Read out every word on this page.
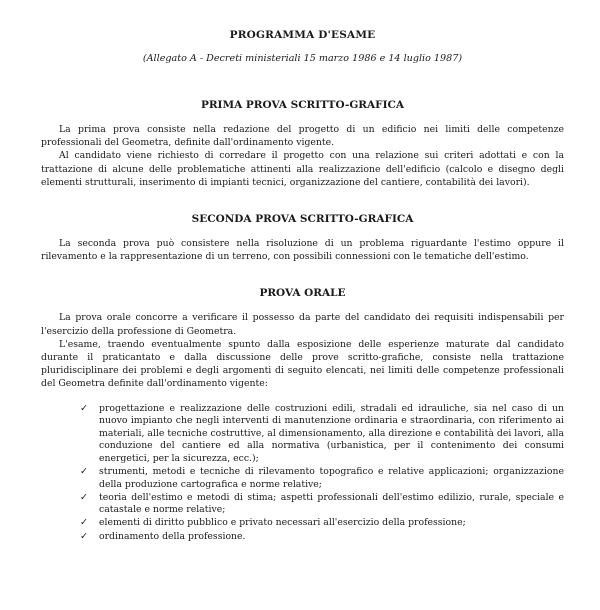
PROGRAMMA D'ESAME
(Allegato A - Decreti ministeriali 15 marzo 1986 e 14 luglio 1987)
PRIMA PROVA SCRITTO-GRAFICA

La prima prova consiste nella redazione del progetto di un edificio nei limiti delle competenze professionali del Geometra, definite dall'ordinamento vigente.

Al candidato viene richiesto di corredare il progetto con una relazione sui criteri adottati e con la trattazione di alcune delle problematiche attinenti alla realizzazione dell'edificio (calcolo e disegno degli elementi strutturali, inserimento di impianti tecnici, organizzazione del cantiere, contabilità dei lavori).

SECONDA PROVA SCRITTO-GRAFICA

La seconda prova può consistere nella risoluzione di un problema riguardante l'estimo oppure il rilevamento e la rappresentazione di un terreno, con possibili connessioni con le tematiche dell'estimo.

PROVA ORALE

La prova orale concorre a verificare il possesso da parte del candidato dei requisiti indispensabili per l'esercizio della professione di Geometra.

L'esame, traendo eventualmente spunto dalla esposizione delle esperienze maturate dal candidato durante il praticantato e dalla discussione delle prove scritto-grafiche, consiste nella trattazione pluridisciplinare dei problemi e degli argomenti di seguito elencati, nei limiti delle competenze professionali del Geometra definite dall'ordinamento vigente:

✓ progettazione e realizzazione delle costruzioni edili, stradali ed idrauliche, sia nel caso di un nuovo impianto che negli interventi di manutenzione ordinaria e straordinaria, con riferimento ai materiali, alle tecniche costruttive, al dimensionamento, alla direzione e contabilità dei lavori, alla conduzione del cantiere ed alla normativa (urbanistica, per il contenimento dei consumi energetici, per la sicurezza, ecc.);
✓ strumenti, metodi e tecniche di rilevamento topografico e relative applicazioni; organizzazione della produzione cartografica e norme relative;
✓ teoria dell'estimo e metodi di stima; aspetti professionali dell'estimo edilizio, rurale, speciale e catastale e norme relative;
✓ elementi di diritto pubblico e privato necessari all'esercizio della professione;
✓ ordinamento della professione.
